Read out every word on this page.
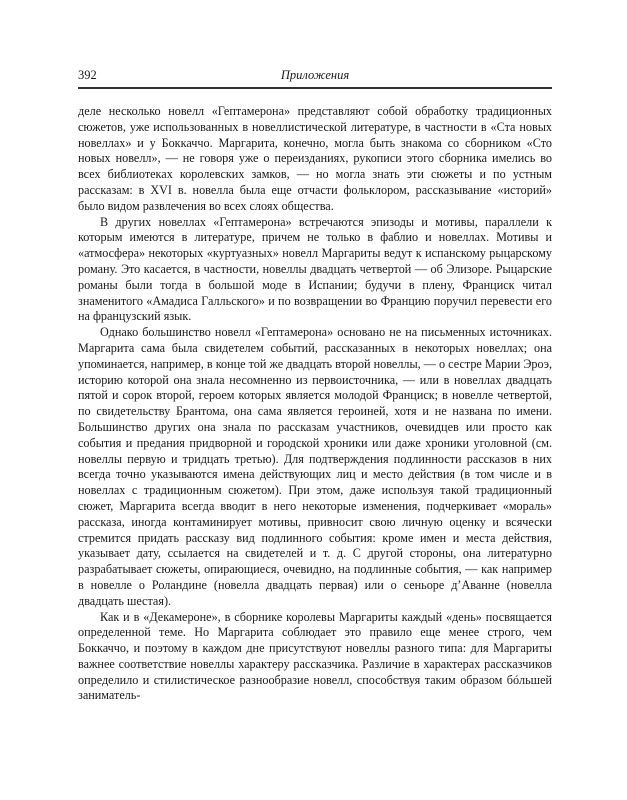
392	Приложения

деле несколько новелл «Гептамерона» представляют собой обработку традиционных сюжетов, уже использованных в новеллистической литературе, в частности в «Ста новых новеллах» и у Боккаччо. Маргарита, конечно, могла быть знакома со сборником «Сто новых новелл», — не говоря уже о переизданиях, рукописи этого сборника имелись во всех библиотеках королевских замков, — но могла знать эти сюжеты и по устным рассказам: в XVI в. новелла была еще отчасти фольклором, рассказывание «историй» было видом развлечения во всех слоях общества.

В других новеллах «Гептамерона» встречаются эпизоды и мотивы, параллели к которым имеются в литературе, причем не только в фаблио и новеллах. Мотивы и «атмосфера» некоторых «куртуазных» новелл Маргариты ведут к испанскому рыцарскому роману. Это касается, в частности, новеллы двадцать четвертой — об Элизоре. Рыцарские романы были тогда в большой моде в Испании; будучи в плену, Франциск читал знаменитого «Амадиса Галльского» и по возвращении во Францию поручил перевести его на французский язык.

Однако большинство новелл «Гептамерона» основано не на письменных источниках. Маргарита сама была свидетелем событий, рассказанных в некоторых новеллах; она упоминается, например, в конце той же двадцать второй новеллы, — о сестре Марии Эроэ, историю которой она знала несомненно из первоисточника, — или в новеллах двадцать пятой и сорок второй, героем которых является молодой Франциск; в новелле четвертой, по свидетельству Брантома, она сама является героиней, хотя и не названа по имени. Большинство других она знала по рассказам участников, очевидцев или просто как события и предания придворной и городской хроники или даже хроники уголовной (см. новеллы первую и тридцать третью). Для подтверждения подлинности рассказов в них всегда точно указываются имена действующих лиц и место действия (в том числе и в новеллах с традиционным сюжетом). При этом, даже используя такой традиционный сюжет, Маргарита всегда вводит в него некоторые изменения, подчеркивает «мораль» рассказа, иногда контаминирует мотивы, привносит свою личную оценку и всячески стремится придать рассказу вид подлинного события: кроме имен и места действия, указывает дату, ссылается на свидетелей и т. д. С другой стороны, она литературно разрабатывает сюжеты, опирающиеся, очевидно, на подлинные события, — как например в новелле о Роландине (новелла двадцать первая) или о сеньоре д’Аванне (новелла двадцать шестая).

Как и в «Декамероне», в сборнике королевы Маргариты каждый «день» посвящается определенной теме. Но Маргарита соблюдает это правило еще менее строго, чем Боккаччо, и поэтому в каждом дне присутствуют новеллы разного типа: для Маргариты важнее соответствие новеллы характеру рассказчика. Различие в характерах рассказчиков определило и стилистическое разнообразие новелл, способствуя таким образом бóльшей заниматель-
